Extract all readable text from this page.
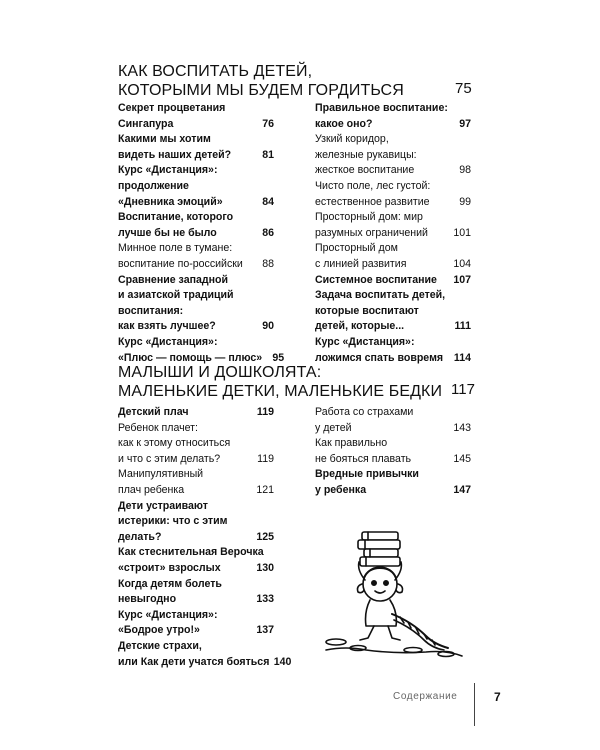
КАК ВОСПИТАТЬ ДЕТЕЙ,
КОТОРЫМИ МЫ БУДЕМ ГОРДИТЬСЯ	75
Секрет процветания
Сингапура	76
Какими мы хотим
видеть наших детей?	81
Курс «Дистанция»:
продолжение
«Дневника эмоций»	84
Воспитание, которого
лучше бы не было	86
Минное поле в тумане:
воспитание по-российски	88
Сравнение западной
и азиатской традиций
воспитания:
как взять лучшее?	90
Курс «Дистанция»:
«Плюс — помощь — плюс» 95
Правильное воспитание:
какое оно?	97
Узкий коридор,
железные рукавицы:
жесткое воспитание	98
Чисто поле, лес густой:
естественное развитие	99
Просторный дом: мир
разумных ограничений	101
Просторный дом
с линией развития	104
Системное воспитание	107
Задача воспитать детей,
которые воспитают
детей, которые...	111
Курс «Дистанция»:
ложимся спать вовремя	114
МАЛЫШИ И ДОШКОЛЯТА:
МАЛЕНЬКИЕ ДЕТКИ, МАЛЕНЬКИЕ БЕДКИ 117
Детский плач	119
Ребенок плачет:
как к этому относиться
и что с этим делать?	119
Манипулятивный
плач ребенка	121
Дети устраивают
истерики: что с этим
делать?	125
Как стеснительная Верочка
«строит» взрослых	130
Когда детям болеть
невыгодно	133
Курс «Дистанция»:
«Бодрое утро!»	137
Детские страхи,
или Как дети учатся бояться 140
Работа со страхами
у детей	143
Как правильно
не бояться плавать	145
Вредные привычки
у ребенка	147
Содержание	7
